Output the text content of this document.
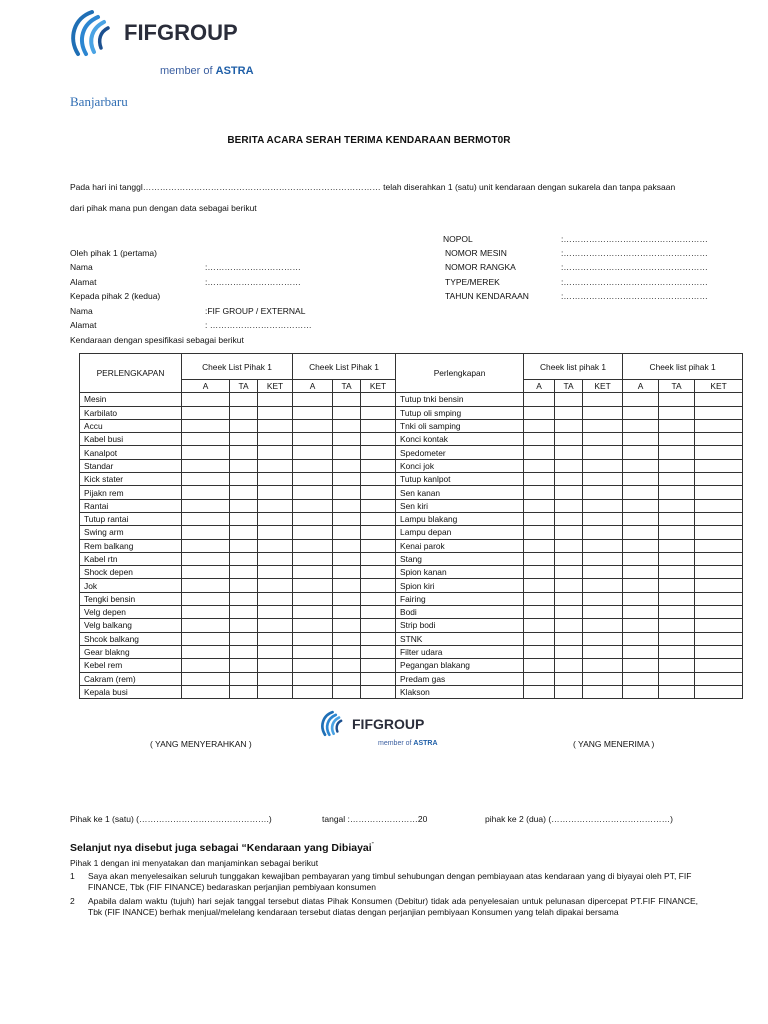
FIFGROUP
member of ASTRA
Banjarbaru
BERITA ACARA SERAH TERIMA KENDARAAN BERMOT0R
Pada hari ini tanggl………………………………………………………………………… telah diserahkan 1 (satu) unit kendaraan dengan sukarela dan tanpa paksaan
dari pihak mana pun dengan data sebagai berikut
NOPOL	:……………………………………………
NOMOR MESIN	:……………………………………………
NOMOR RANGKA	:……………………………………………
TYPE/MEREK	:……………………………………………
TAHUN KENDARAAN	:……………………………………………
Oleh pihak 1 (pertama)
Nama	:……………………………
Alamat	:……………………………
Kepada pihak 2 (kedua)
Nama	:FIF GROUP / EXTERNAL
Alamat	: ………………………………
Kendaraan dengan spesifikasi sebagai berikut
PERLENGKAPAN	Cheek List Pihak 1			Cheek List Pihak 1			Perlengkapan	Cheek list pihak 1			Cheek list pihak 1		
	A	TA	KET	A	TA	KET		A	TA	KET	A	TA	KET
Mesin							Tutup tnki bensin						
Karbilato							Tutup oli smping						
Accu							Tnki oli samping						
Kabel busi							Konci kontak						
Kanalpot							Spedometer						
Standar							Konci jok						
Kick stater							Tutup kanlpot						
Pijakn rem							Sen kanan						
Rantai							Sen kiri						
Tutup rantai							Lampu blakang						
Swing arm							Lampu depan						
Rem balkang							Kenai parok						
Kabel rtn							Stang						
Shock depen							Spion kanan						
Jok							Spion kiri						
Tengki bensin							Fairing						
Velg depen							Bodi						
Velg balkang							Strip bodi						
Shcok balkang							STNK						
Gear blakng							Filter udara						
Kebel rem							Pegangan blakang						
Cakram (rem)							Predam gas						
Kepala busi							Klakson						
FIFGROUP
member of ASTRA
( YANG MENYERAHKAN )	( YANG MENERIMA )
Pihak ke 1 (satu) (……………………………………….)	tangal :……………………20	pihak ke 2 (dua) (……………………………………)
Selanjut nya disebut juga sebagai “Kendaraan yang Dibiayai”
Pihak 1 dengan ini menyatakan dan manjaminkan sebagai berikut
1	Saya akan menyelesaikan seluruh tunggakan kewajiban pembayaran yang timbul sehubungan dengan pembiayaan atas kendaraan yang di biyayai oleh PT, FIF FINANCE, Tbk (FIF FINANCE) bedaraskan perjanjian pembiyaan konsumen
2	Apabila dalam waktu (tujuh) hari sejak tanggal tersebut diatas Pihak Konsumen (Debitur) tidak ada penyelesaian untuk pelunasan dipercepat PT.FIF FINANCE, Tbk (FIF INANCE) berhak menjual/melelang kendaraan tersebut diatas dengan perjanjian pembiyaan Konsumen yang telah dipakai bersama
